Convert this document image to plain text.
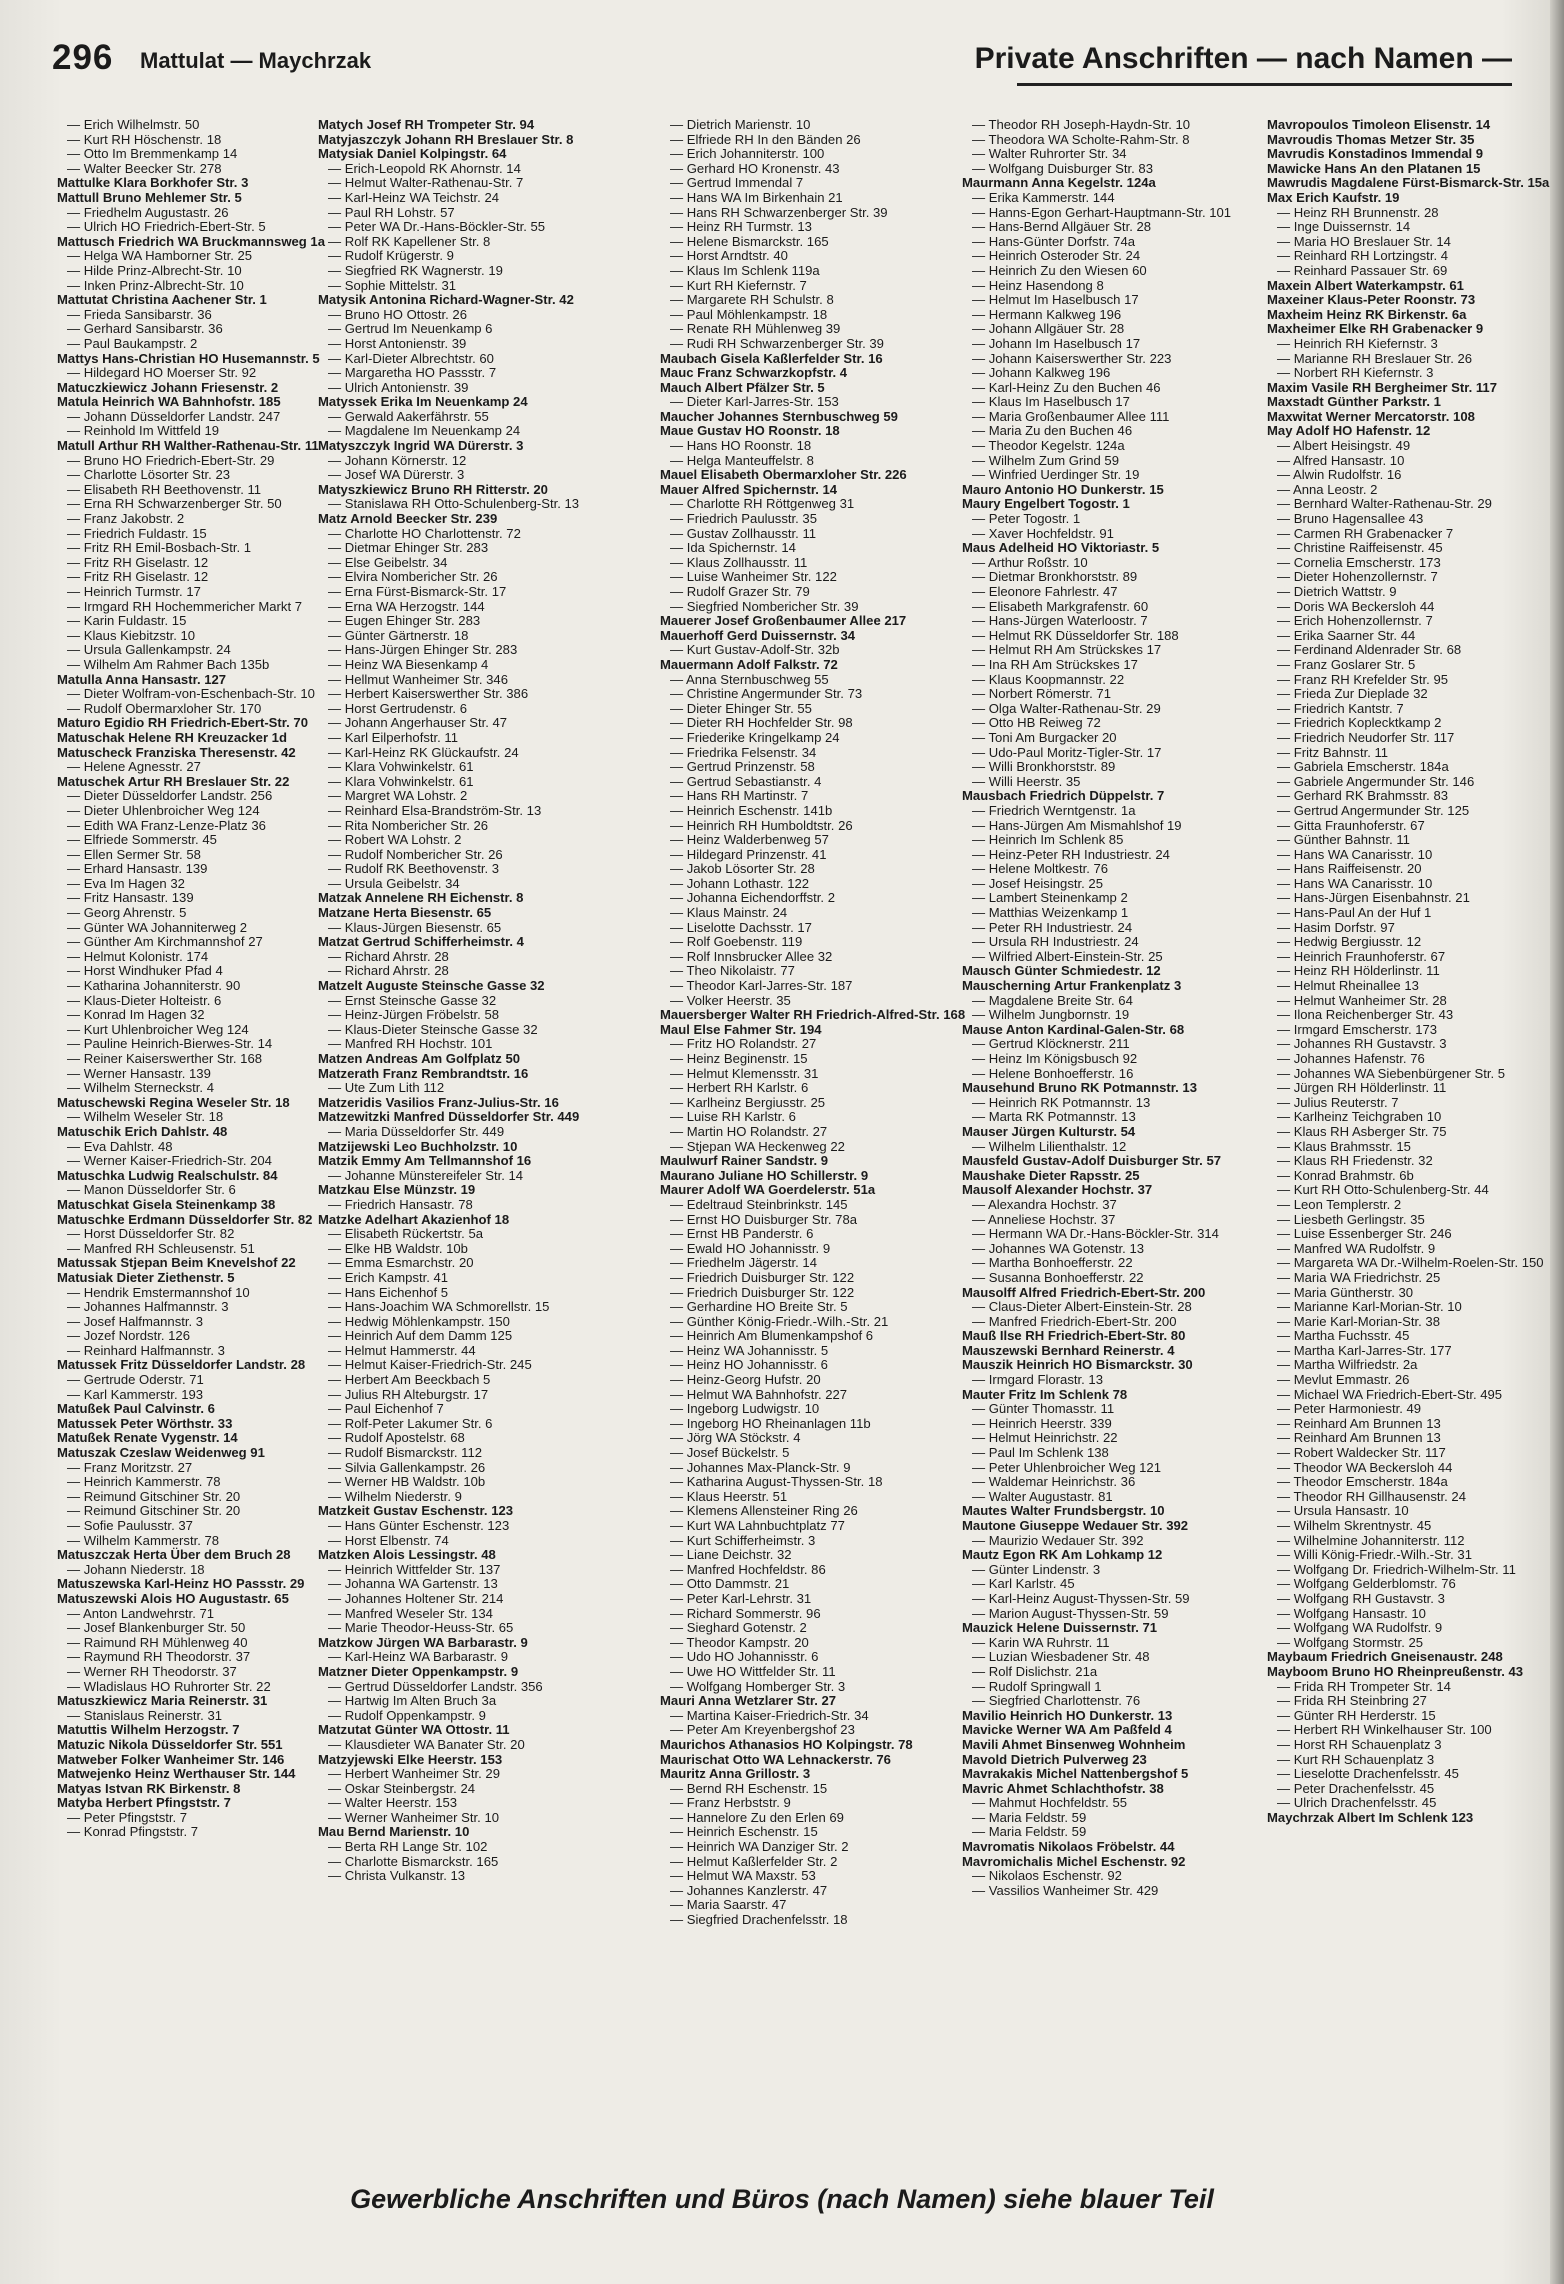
296 Mattulat — Maychrzak	Private Anschriften — nach Namen —
— Erich Wilhelmstr. 50
— Kurt RH Höschenstr. 18
— Otto Im Bremmenkamp 14
— Walter Beecker Str. 278
Mattulke Klara Borkhofer Str. 3
Mattull Bruno Mehlemer Str. 5
— Friedhelm Augustastr. 26
— Ulrich HO Friedrich-Ebert-Str. 5
Mattusch Friedrich WA Bruckmannsweg 1a
— Helga WA Hamborner Str. 25
— Hilde Prinz-Albrecht-Str. 10
— Inken Prinz-Albrecht-Str. 10
Mattutat Christina Aachener Str. 1
— Frieda Sansibarstr. 36
— Gerhard Sansibarstr. 36
— Paul Baukampstr. 2
Mattys Hans-Christian HO Husemannstr. 5
— Hildegard HO Moerser Str. 92
Matuczkiewicz Johann Friesenstr. 2
Matula Heinrich WA Bahnhofstr. 185
— Johann Düsseldorfer Landstr. 247
— Reinhold Im Wittfeld 19
Matull Arthur RH Walther-Rathenau-Str. 11
— Bruno HO Friedrich-Ebert-Str. 29
— Charlotte Lösorter Str. 23
— Elisabeth RH Beethovenstr. 11
— Erna RH Schwarzenberger Str. 50
— Franz Jakobstr. 2
— Friedrich Fuldastr. 15
— Fritz RH Emil-Bosbach-Str. 1
— Fritz RH Giselastr. 12
— Fritz RH Giselastr. 12
— Heinrich Turmstr. 17
— Irmgard RH Hochemmericher Markt 7
— Karin Fuldastr. 15
— Klaus Kiebitzstr. 10
— Ursula Gallenkampstr. 24
— Wilhelm Am Rahmer Bach 135b
Matulla Anna Hansastr. 127
— Dieter Wolfram-von-Eschenbach-Str. 10
— Rudolf Obermarxloher Str. 170
Maturo Egidio RH Friedrich-Ebert-Str. 70
Matuschak Helene RH Kreuzacker 1d
Matuscheck Franziska Theresenstr. 42
— Helene Agnesstr. 27
Matuschek Artur RH Breslauer Str. 22
— Dieter Düsseldorfer Landstr. 256
— Dieter Uhlenbroicher Weg 124
— Edith WA Franz-Lenze-Platz 36
— Elfriede Sommerstr. 45
— Ellen Sermer Str. 58
— Erhard Hansastr. 139
— Eva Im Hagen 32
— Fritz Hansastr. 139
— Georg Ahrenstr. 5
— Günter WA Johanniterweg 2
— Günther Am Kirchmannshof 27
— Helmut Kolonistr. 174
— Horst Windhuker Pfad 4
— Katharina Johanniterstr. 90
— Klaus-Dieter Holteistr. 6
— Konrad Im Hagen 32
— Kurt Uhlenbroicher Weg 124
— Pauline Heinrich-Bierwes-Str. 14
— Reiner Kaiserswerther Str. 168
— Werner Hansastr. 139
— Wilhelm Sterneckstr. 4
Matuschewski Regina Weseler Str. 18
— Wilhelm Weseler Str. 18
Matuschik Erich Dahlstr. 48
— Eva Dahlstr. 48
— Werner Kaiser-Friedrich-Str. 204
Matuschka Ludwig Realschulstr. 84
— Manon Düsseldorfer Str. 6
Matuschkat Gisela Steinenkamp 38
Matuschke Erdmann Düsseldorfer Str. 82
— Horst Düsseldorfer Str. 82
— Manfred RH Schleusenstr. 51
Matussak Stjepan Beim Knevelshof 22
Matusiak Dieter Ziethenstr. 5
— Hendrik Emstermannshof 10
— Johannes Halfmannstr. 3
— Josef Halfmannstr. 3
— Jozef Nordstr. 126
— Reinhard Halfmannstr. 3
Matussek Fritz Düsseldorfer Landstr. 28
— Gertrude Oderstr. 71
— Karl Kammerstr. 193
Matußek Paul Calvinstr. 6
Matussek Peter Wörthstr. 33
Matußek Renate Vygenstr. 14
Matuszak Czeslaw Weidenweg 91
— Franz Moritzstr. 27
— Heinrich Kammerstr. 78
— Reimund Gitschiner Str. 20
— Reimund Gitschiner Str. 20
— Sofie Paulusstr. 37
— Wilhelm Kammerstr. 78
Matuszczak Herta Über dem Bruch 28
— Johann Niederstr. 18
Matuszewska Karl-Heinz HO Passstr. 29
Matuszewski Alois HO Augustastr. 65
— Anton Landwehrstr. 71
— Josef Blankenburger Str. 50
— Raimund RH Mühlenweg 40
— Raymund RH Theodorstr. 37
— Werner RH Theodorstr. 37
— Wladislaus HO Ruhrorter Str. 22
Matuszkiewicz Maria Reinerstr. 31
— Stanislaus Reinerstr. 31
Matuttis Wilhelm Herzogstr. 7
Matuzic Nikola Düsseldorfer Str. 551
Matweber Folker Wanheimer Str. 146
Matwejenko Heinz Werthauser Str. 144
Matyas Istvan RK Birkenstr. 8
Matyba Herbert Pfingststr. 7
— Peter Pfingststr. 7
— Konrad Pfingststr. 7
Matych Josef RH Trompeter Str. 94
Matyjaszczyk Johann RH Breslauer Str. 8
Matysiak Daniel Kolpingstr. 64
— Erich-Leopold RK Ahornstr. 14
— Helmut Walter-Rathenau-Str. 7
— Karl-Heinz WA Teichstr. 24
— Paul RH Lohstr. 57
— Peter WA Dr.-Hans-Böckler-Str. 55
— Rolf RK Kapellener Str. 8
— Rudolf Krügerstr. 9
— Siegfried RK Wagnerstr. 19
— Sophie Mittelstr. 31
Matysik Antonina Richard-Wagner-Str. 42
— Bruno HO Ottostr. 26
— Gertrud Im Neuenkamp 6
— Horst Antonienstr. 39
— Karl-Dieter Albrechtstr. 60
— Margaretha HO Passstr. 7
— Ulrich Antonienstr. 39
Matyssek Erika Im Neuenkamp 24
— Gerwald Aakerfährstr. 55
— Magdalene Im Neuenkamp 24
Matyszczyk Ingrid WA Dürerstr. 3
— Johann Körnerstr. 12
— Josef WA Dürerstr. 3
Matyszkiewicz Bruno RH Ritterstr. 20
— Stanislawa RH Otto-Schulenberg-Str. 13
Matz Arnold Beecker Str. 239
— Charlotte HO Charlottenstr. 72
— Dietmar Ehinger Str. 283
— Else Geibelstr. 34
— Elvira Nombericher Str. 26
— Erna Fürst-Bismarck-Str. 17
— Erna WA Herzogstr. 144
— Eugen Ehinger Str. 283
— Günter Gärtnerstr. 18
— Hans-Jürgen Ehinger Str. 283
— Heinz WA Biesenkamp 4
— Hellmut Wanheimer Str. 346
— Herbert Kaiserswerther Str. 386
— Horst Gertrudenstr. 6
— Johann Angerhauser Str. 47
— Karl Eilperhofstr. 11
— Karl-Heinz RK Glückaufstr. 24
— Klara Vohwinkelstr. 61
— Klara Vohwinkelstr. 61
— Margret WA Lohstr. 2
— Reinhard Elsa-Brandström-Str. 13
— Rita Nombericher Str. 26
— Robert WA Lohstr. 2
— Rudolf Nombericher Str. 26
— Rudolf RK Beethovenstr. 3
— Ursula Geibelstr. 34
Matzak Annelene RH Eichenstr. 8
Matzane Herta Biesenstr. 65
— Klaus-Jürgen Biesenstr. 65
Matzat Gertrud Schifferheimstr. 4
— Richard Ahrstr. 28
— Richard Ahrstr. 28
Matzelt Auguste Steinsche Gasse 32
— Ernst Steinsche Gasse 32
— Heinz-Jürgen Fröbelstr. 58
— Klaus-Dieter Steinsche Gasse 32
— Manfred RH Hochstr. 101
Matzen Andreas Am Golfplatz 50
Matzerath Franz Rembrandtstr. 16
— Ute Zum Lith 112
Matzeridis Vasilios Franz-Julius-Str. 16
Matzewitzki Manfred Düsseldorfer Str. 449
— Maria Düsseldorfer Str. 449
Matzijewski Leo Buchholzstr. 10
Matzik Emmy Am Tellmannshof 16
— Johanne Münstereifeler Str. 14
Matzkau Else Münzstr. 19
— Friedrich Hansastr. 78
Matzke Adelhart Akazienhof 18
— Elisabeth Rückertstr. 5a
— Elke HB Waldstr. 10b
— Emma Esmarchstr. 20
— Erich Kampstr. 41
— Hans Eichenhof 5
— Hans-Joachim WA Schmorellstr. 15
— Hedwig Möhlenkampstr. 150
— Heinrich Auf dem Damm 125
— Helmut Hammerstr. 44
— Helmut Kaiser-Friedrich-Str. 245
— Herbert Am Beeckbach 5
— Julius RH Alteburgstr. 17
— Paul Eichenhof 7
— Rolf-Peter Lakumer Str. 6
— Rudolf Apostelstr. 68
— Rudolf Bismarckstr. 112
— Silvia Gallenkampstr. 26
— Werner HB Waldstr. 10b
— Wilhelm Niederstr. 9
Matzkeit Gustav Eschenstr. 123
— Hans Günter Eschenstr. 123
— Horst Elbenstr. 74
Matzken Alois Lessingstr. 48
— Heinrich Wittfelder Str. 137
— Johanna WA Gartenstr. 13
— Johannes Holtener Str. 214
— Manfred Weseler Str. 134
— Marie Theodor-Heuss-Str. 65
Matzkow Jürgen WA Barbarastr. 9
— Karl-Heinz WA Barbarastr. 9
Matzner Dieter Oppenkampstr. 9
— Gertrud Düsseldorfer Landstr. 356
— Hartwig Im Alten Bruch 3a
— Rudolf Oppenkampstr. 9
Matzutat Günter WA Ottostr. 11
— Klausdieter WA Banater Str. 20
Matzyjewski Elke Heerstr. 153
— Herbert Wanheimer Str. 29
— Oskar Steinbergstr. 24
— Walter Heerstr. 153
— Werner Wanheimer Str. 10
Mau Bernd Marienstr. 10
— Berta RH Lange Str. 102
— Charlotte Bismarckstr. 165
— Christa Vulkanstr. 13
— Dietrich Marienstr. 10
— Elfriede RH In den Bänden 26
— Erich Johanniterstr. 100
— Gerhard HO Kronenstr. 43
— Gertrud Immendal 7
— Hans WA Im Birkenhain 21
— Hans RH Schwarzenberger Str. 39
— Heinz RH Turmstr. 13
— Helene Bismarckstr. 165
— Horst Arndtstr. 40
— Klaus Im Schlenk 119a
— Kurt RH Kiefernstr. 7
— Margarete RH Schulstr. 8
— Paul Möhlenkampstr. 18
— Renate RH Mühlenweg 39
— Rudi RH Schwarzenberger Str. 39
Maubach Gisela Kaßlerfelder Str. 16
Mauc Franz Schwarzkopfstr. 4
Mauch Albert Pfälzer Str. 5
— Dieter Karl-Jarres-Str. 153
Maucher Johannes Sternbuschweg 59
Maue Gustav HO Roonstr. 18
— Hans HO Roonstr. 18
— Helga Manteuffelstr. 8
Mauel Elisabeth Obermarxloher Str. 226
Mauer Alfred Spichernstr. 14
— Charlotte RH Röttgenweg 31
— Friedrich Paulusstr. 35
— Gustav Zollhausstr. 11
— Ida Spichernstr. 14
— Klaus Zollhausstr. 11
— Luise Wanheimer Str. 122
— Rudolf Grazer Str. 79
— Siegfried Nombericher Str. 39
Mauerer Josef Großenbaumer Allee 217
Mauerhoff Gerd Duissernstr. 34
— Kurt Gustav-Adolf-Str. 32b
Mauermann Adolf Falkstr. 72
— Anna Sternbuschweg 55
— Christine Angermunder Str. 73
— Dieter Ehinger Str. 55
— Dieter RH Hochfelder Str. 98
— Friederike Kringelkamp 24
— Friedrika Felsenstr. 34
— Gertrud Prinzenstr. 58
— Gertrud Sebastianstr. 4
— Hans RH Martinstr. 7
— Heinrich Eschenstr. 141b
— Heinrich RH Humboldtstr. 26
— Heinz Walderbenweg 57
— Hildegard Prinzenstr. 41
— Jakob Lösorter Str. 28
— Johann Lothastr. 122
— Johanna Eichendorffstr. 2
— Klaus Mainstr. 24
— Liselotte Dachsstr. 17
— Rolf Goebenstr. 119
— Rolf Innsbrucker Allee 32
— Theo Nikolaistr. 77
— Theodor Karl-Jarres-Str. 187
— Volker Heerstr. 35
Mauersberger Walter RH Friedrich-Alfred-Str. 168
Maul Else Fahmer Str. 194
— Fritz HO Rolandstr. 27
— Heinz Beginenstr. 15
— Helmut Klemensstr. 31
— Herbert RH Karlstr. 6
— Karlheinz Bergiusstr. 25
— Luise RH Karlstr. 6
— Martin HO Rolandstr. 27
— Stjepan WA Heckenweg 22
Maulwurf Rainer Sandstr. 9
Maurano Juliane HO Schillerstr. 9
Maurer Adolf WA Goerdelerstr. 51a
— Edeltraud Steinbrinkstr. 145
— Ernst HO Duisburger Str. 78a
— Ernst HB Panderstr. 6
— Ewald HO Johannisstr. 9
— Friedhelm Jägerstr. 14
— Friedrich Duisburger Str. 122
— Friedrich Duisburger Str. 122
— Gerhardine HO Breite Str. 5
— Günther König-Friedr.-Wilh.-Str. 21
— Heinrich Am Blumenkampshof 6
— Heinz WA Johannisstr. 5
— Heinz HO Johannisstr. 6
— Heinz-Georg Hufstr. 20
— Helmut WA Bahnhofstr. 227
— Ingeborg Ludwigstr. 10
— Ingeborg HO Rheinanlagen 11b
— Jörg WA Stöckstr. 4
— Josef Bückelstr. 5
— Johannes Max-Planck-Str. 9
— Katharina August-Thyssen-Str. 18
— Klaus Heerstr. 51
— Klemens Allensteiner Ring 26
— Kurt WA Lahnbuchtplatz 77
— Kurt Schifferheimstr. 3
— Liane Deichstr. 32
— Manfred Hochfeldstr. 86
— Otto Dammstr. 21
— Peter Karl-Lehrstr. 31
— Richard Sommerstr. 96
— Sieghard Gotenstr. 2
— Theodor Kampstr. 20
— Udo HO Johannisstr. 6
— Uwe HO Wittfelder Str. 11
— Wolfgang Homberger Str. 3
Mauri Anna Wetzlarer Str. 27
— Martina Kaiser-Friedrich-Str. 34
— Peter Am Kreyenbergshof 23
Maurichos Athanasios HO Kolpingstr. 78
Maurischat Otto WA Lehnackerstr. 76
Mauritz Anna Grillostr. 3
— Bernd RH Eschenstr. 15
— Franz Herbststr. 9
— Hannelore Zu den Erlen 69
— Heinrich Eschenstr. 15
— Heinrich WA Danziger Str. 2
— Helmut Kaßlerfelder Str. 2
— Helmut WA Maxstr. 53
— Johannes Kanzlerstr. 47
— Maria Saarstr. 47
— Siegfried Drachenfelsstr. 18
— Theodor RH Joseph-Haydn-Str. 10
— Theodora WA Scholte-Rahm-Str. 8
— Walter Ruhrorter Str. 34
— Wolfgang Duisburger Str. 83
Maurmann Anna Kegelstr. 124a
— Erika Kammerstr. 144
— Hanns-Egon Gerhart-Hauptmann-Str. 101
— Hans-Bernd Allgäuer Str. 28
— Hans-Günter Dorfstr. 74a
— Heinrich Osteroder Str. 24
— Heinrich Zu den Wiesen 60
— Heinz Hasendong 8
— Helmut Im Haselbusch 17
— Hermann Kalkweg 196
— Johann Allgäuer Str. 28
— Johann Im Haselbusch 17
— Johann Kaiserswerther Str. 223
— Johann Kalkweg 196
— Karl-Heinz Zu den Buchen 46
— Klaus Im Haselbusch 17
— Maria Großenbaumer Allee 111
— Maria Zu den Buchen 46
— Theodor Kegelstr. 124a
— Wilhelm Zum Grind 59
— Winfried Uerdinger Str. 19
Mauro Antonio HO Dunkerstr. 15
Maury Engelbert Togostr. 1
— Peter Togostr. 1
— Xaver Hochfeldstr. 91
Maus Adelheid HO Viktoriastr. 5
— Arthur Roßstr. 10
— Dietmar Bronkhorststr. 89
— Eleonore Fahrlestr. 47
— Elisabeth Markgrafenstr. 60
— Hans-Jürgen Waterloostr. 7
— Helmut RK Düsseldorfer Str. 188
— Helmut RH Am Strückskes 17
— Ina RH Am Strückskes 17
— Klaus Koopmannstr. 22
— Norbert Römerstr. 71
— Olga Walter-Rathenau-Str. 29
— Otto HB Reiweg 72
— Toni Am Burgacker 20
— Udo-Paul Moritz-Tigler-Str. 17
— Willi Bronkhorststr. 89
— Willi Heerstr. 35
Mausbach Friedrich Düppelstr. 7
— Friedrich Werntgenstr. 1a
— Hans-Jürgen Am Mismahlshof 19
— Heinrich Im Schlenk 85
— Heinz-Peter RH Industriestr. 24
— Helene Moltkestr. 76
— Josef Heisingstr. 25
— Lambert Steinenkamp 2
— Matthias Weizenkamp 1
— Peter RH Industriestr. 24
— Ursula RH Industriestr. 24
— Wilfried Albert-Einstein-Str. 25
Mausch Günter Schmiedestr. 12
Mauscherning Artur Frankenplatz 3
— Magdalene Breite Str. 64
— Wilhelm Jungbornstr. 19
Mause Anton Kardinal-Galen-Str. 68
— Gertrud Klöcknerstr. 211
— Heinz Im Königsbusch 92
— Helene Bonhoefferstr. 16
Mausehund Bruno RK Potmannstr. 13
— Heinrich RK Potmannstr. 13
— Marta RK Potmannstr. 13
Mauser Jürgen Kulturstr. 54
— Wilhelm Lilienthalstr. 12
Mausfeld Gustav-Adolf Duisburger Str. 57
Maushake Dieter Rapsstr. 25
Mausolf Alexander Hochstr. 37
— Alexandra Hochstr. 37
— Anneliese Hochstr. 37
— Hermann WA Dr.-Hans-Böckler-Str. 314
— Johannes WA Gotenstr. 13
— Martha Bonhoefferstr. 22
— Susanna Bonhoefferstr. 22
Mausolff Alfred Friedrich-Ebert-Str. 200
— Claus-Dieter Albert-Einstein-Str. 28
— Manfred Friedrich-Ebert-Str. 200
Mauß Ilse RH Friedrich-Ebert-Str. 80
Mauszewski Bernhard Reinerstr. 4
Mauszik Heinrich HO Bismarckstr. 30
— Irmgard Florastr. 13
Mauter Fritz Im Schlenk 78
— Günter Thomasstr. 11
— Heinrich Heerstr. 339
— Helmut Heinrichstr. 22
— Paul Im Schlenk 138
— Peter Uhlenbroicher Weg 121
— Waldemar Heinrichstr. 36
— Walter Augustastr. 81
Mautes Walter Frundsbergstr. 10
Mautone Giuseppe Wedauer Str. 392
— Maurizio Wedauer Str. 392
Mautz Egon RK Am Lohkamp 12
— Günter Lindenstr. 3
— Karl Karlstr. 45
— Karl-Heinz August-Thyssen-Str. 59
— Marion August-Thyssen-Str. 59
Mauzick Helene Duissernstr. 71
— Karin WA Ruhrstr. 11
— Luzian Wiesbadener Str. 48
— Rolf Dislichstr. 21a
— Rudolf Springwall 1
— Siegfried Charlottenstr. 76
Mavilio Heinrich HO Dunkerstr. 13
Mavicke Werner WA Am Paßfeld 4
Mavili Ahmet Binsenweg Wohnheim
Mavold Dietrich Pulverweg 23
Mavrakakis Michel Nattenbergshof 5
Mavric Ahmet Schlachthofstr. 38
— Mahmut Hochfeldstr. 55
— Maria Feldstr. 59
— Maria Feldstr. 59
Mavromatis Nikolaos Fröbelstr. 44
Mavromichalis Michel Eschenstr. 92
— Nikolaos Eschenstr. 92
— Vassilios Wanheimer Str. 429
Mavropoulos Timoleon Elisenstr. 14
Mavroudis Thomas Metzer Str. 35
Mavrudis Konstadinos Immendal 9
Mawicke Hans An den Platanen 15
Mawrudis Magdalene Fürst-Bismarck-Str. 15a
Max Erich Kaufstr. 19
— Heinz RH Brunnenstr. 28
— Inge Duissernstr. 14
— Maria HO Breslauer Str. 14
— Reinhard RH Lortzingstr. 4
— Reinhard Passauer Str. 69
Maxein Albert Waterkampstr. 61
Maxeiner Klaus-Peter Roonstr. 73
Maxheim Heinz RK Birkenstr. 6a
Maxheimer Elke RH Grabenacker 9
— Heinrich RH Kiefernstr. 3
— Marianne RH Breslauer Str. 26
— Norbert RH Kiefernstr. 3
Maxim Vasile RH Bergheimer Str. 117
Maxstadt Günther Parkstr. 1
Maxwitat Werner Mercatorstr. 108
May Adolf HO Hafenstr. 12
— Albert Heisingstr. 49
— Alfred Hansastr. 10
— Alwin Rudolfstr. 16
— Anna Leostr. 2
— Bernhard Walter-Rathenau-Str. 29
— Bruno Hagensallee 43
— Carmen RH Grabenacker 7
— Christine Raiffeisenstr. 45
— Cornelia Emscherstr. 173
— Dieter Hohenzollernstr. 7
— Dietrich Wattstr. 9
— Doris WA Beckersloh 44
— Erich Hohenzollernstr. 7
— Erika Saarner Str. 44
— Ferdinand Aldenrader Str. 68
— Franz Goslarer Str. 5
— Franz RH Krefelder Str. 95
— Frieda Zur Dieplade 32
— Friedrich Kantstr. 7
— Friedrich Koplecktkamp 2
— Friedrich Neudorfer Str. 117
— Fritz Bahnstr. 11
— Gabriela Emscherstr. 184a
— Gabriele Angermunder Str. 146
— Gerhard RK Brahmsstr. 83
— Gertrud Angermunder Str. 125
— Gitta Fraunhoferstr. 67
— Günther Bahnstr. 11
— Hans WA Canarisstr. 10
— Hans Raiffeisenstr. 20
— Hans WA Canarisstr. 10
— Hans-Jürgen Eisenbahnstr. 21
— Hans-Paul An der Huf 1
— Hasim Dorfstr. 97
— Hedwig Bergiusstr. 12
— Heinrich Fraunhoferstr. 67
— Heinz RH Hölderlinstr. 11
— Helmut Rheinallee 13
— Helmut Wanheimer Str. 28
— Ilona Reichenberger Str. 43
— Irmgard Emscherstr. 173
— Johannes RH Gustavstr. 3
— Johannes Hafenstr. 76
— Johannes WA Siebenbürgener Str. 5
— Jürgen RH Hölderlinstr. 11
— Julius Reuterstr. 7
— Karlheinz Teichgraben 10
— Klaus RH Asberger Str. 75
— Klaus Brahmsstr. 15
— Klaus RH Friedenstr. 32
— Konrad Brahmstr. 6b
— Kurt RH Otto-Schulenberg-Str. 44
— Leon Templerstr. 2
— Liesbeth Gerlingstr. 35
— Luise Essenberger Str. 246
— Manfred WA Rudolfstr. 9
— Margareta WA Dr.-Wilhelm-Roelen-Str. 150
— Maria WA Friedrichstr. 25
— Maria Güntherstr. 30
— Marianne Karl-Morian-Str. 10
— Marie Karl-Morian-Str. 38
— Martha Fuchsstr. 45
— Martha Karl-Jarres-Str. 177
— Martha Wilfriedstr. 2a
— Mevlut Emmastr. 26
— Michael WA Friedrich-Ebert-Str. 495
— Peter Harmoniestr. 49
— Reinhard Am Brunnen 13
— Reinhard Am Brunnen 13
— Robert Waldecker Str. 117
— Theodor WA Beckersloh 44
— Theodor Emscherstr. 184a
— Theodor RH Gillhausenstr. 24
— Ursula Hansastr. 10
— Wilhelm Skrentnystr. 45
— Wilhelmine Johanniterstr. 112
— Willi König-Friedr.-Wilh.-Str. 31
— Wolfgang Dr. Friedrich-Wilhelm-Str. 11
— Wolfgang Gelderblomstr. 76
— Wolfgang RH Gustavstr. 3
— Wolfgang Hansastr. 10
— Wolfgang WA Rudolfstr. 9
— Wolfgang Stormstr. 25
Maybaum Friedrich Gneisenaustr. 248
Mayboom Bruno HO Rheinpreußenstr. 43
— Frida RH Trompeter Str. 14
— Frida RH Steinbring 27
— Günter RH Herderstr. 15
— Herbert RH Winkelhauser Str. 100
— Horst RH Schauenplatz 3
— Kurt RH Schauenplatz 3
— Lieselotte Drachenfelsstr. 45
— Peter Drachenfelsstr. 45
— Ulrich Drachenfelsstr. 45
Maychrzak Albert Im Schlenk 123
Gewerbliche Anschriften und Büros (nach Namen) siehe blauer Teil
